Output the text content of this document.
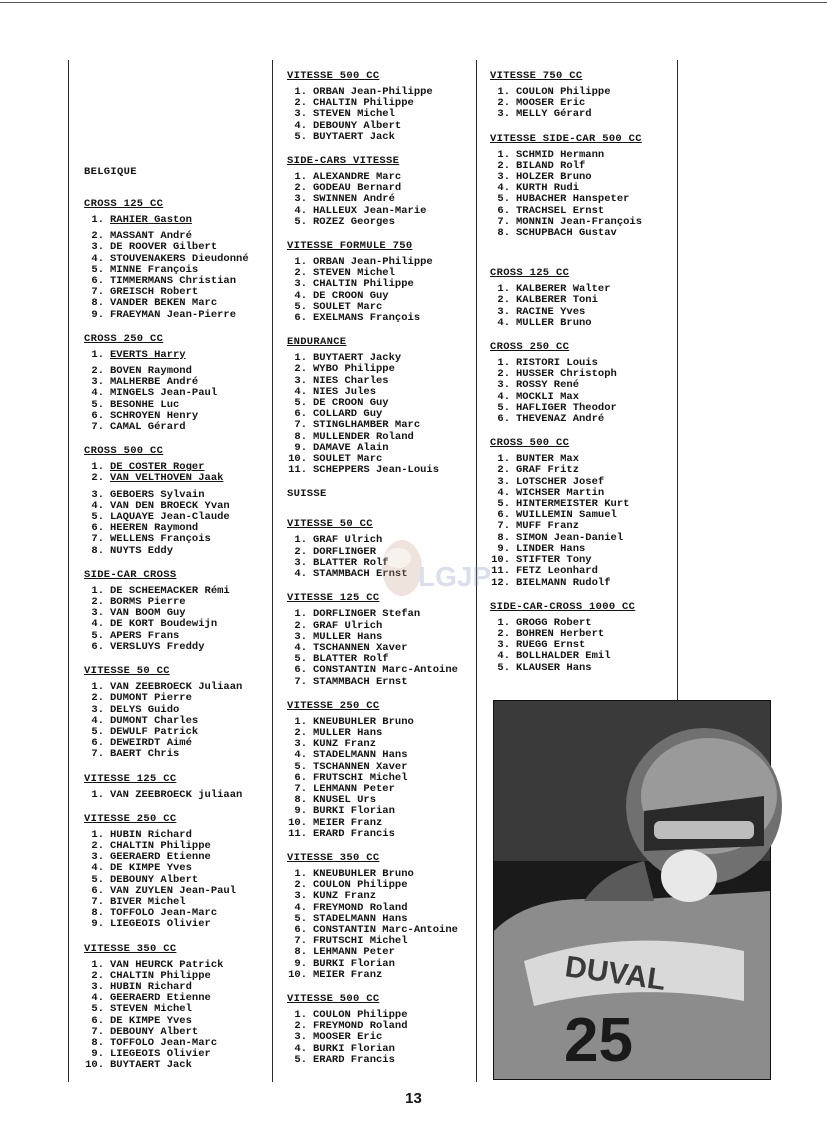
BELGIQUE
CROSS 125 CC
1. RAHIER Gaston
2. MASSANT André
3. DE ROOVER Gilbert
4. STOUVENAKERS Dieudonné
5. MINNE François
6. TIMMERMANS Christian
7. GREISCH Robert
8. VANDER BEKEN Marc
9. FRAEYMAN Jean-Pierre
CROSS 250 CC
1. EVERTS Harry
2. BOVEN Raymond
3. MALHERBE André
4. MINGELS Jean-Paul
5. BESONHE Luc
6. SCHROYEN Henry
7. CAMAL Gérard
CROSS 500 CC
1. DE COSTER Roger
2. VAN VELTHOVEN Jaak
3. GEBOERS Sylvain
4. VAN DEN BROECK Yvan
5. LAQUAYE Jean-Claude
6. HEEREN Raymond
7. WELLENS François
8. NUYTS Eddy
SIDE-CAR CROSS
1. DE SCHEEMACKER Rémi
2. BORMS Pierre
3. VAN BOOM Guy
4. DE KORT Boudewijn
5. APERS Frans
6. VERSLUYS Freddy
VITESSE 50 CC
1. VAN ZEEBROECK Juliaan
2. DUMONT Pierre
3. DELYS Guido
4. DUMONT Charles
5. DEWULF Patrick
6. DEWEIRDT Aimé
7. BAERT Chris
VITESSE 125 CC
1. VAN ZEEBROECK juliaan
VITESSE 250 CC
1. HUBIN Richard
2. CHALTIN Philippe
3. GEERAERD Etienne
4. DE KIMPE Yves
5. DEBOUNY Albert
6. VAN ZUYLEN Jean-Paul
7. BIVER Michel
8. TOFFOLO Jean-Marc
9. LIEGEOIS Olivier
VITESSE 350 CC
1. VAN HEURCK Patrick
2. CHALTIN Philippe
3. HUBIN Richard
4. GEERAERD Etienne
5. STEVEN Michel
6. DE KIMPE Yves
7. DEBOUNY Albert
8. TOFFOLO Jean-Marc
9. LIEGEOIS Olivier
10. BUYTAERT Jack
VITESSE 500 CC
1. ORBAN Jean-Philippe
2. CHALTIN Philippe
3. STEVEN Michel
4. DEBOUNY Albert
5. BUYTAERT Jack
SIDE-CARS VITESSE
1. ALEXANDRE Marc
2. GODEAU Bernard
3. SWINNEN André
4. HALLEUX Jean-Marie
5. ROZEZ Georges
VITESSE FORMULE 750
1. ORBAN Jean-Philippe
2. STEVEN Michel
3. CHALTIN Philippe
4. DE CROON Guy
5. SOULET Marc
6. EXELMANS François
ENDURANCE
1. BUYTAERT Jacky
2. WYBO Philippe
3. NIES Charles
4. NIES Jules
5. DE CROON Guy
6. COLLARD Guy
7. STINGLHAMBER Marc
8. MULLENDER Roland
9. DAMAVE Alain
10. SOULET Marc
11. SCHEPPERS Jean-Louis
SUISSE
VITESSE 50 CC
1. GRAF Ulrich
2. DORFLINGER
3. BLATTER Rolf
4. STAMMBACH Ernst
VITESSE 125 CC
1. DORFLINGER Stefan
2. GRAF Ulrich
3. MULLER Hans
4. TSCHANNEN Xaver
5. BLATTER Rolf
6. CONSTANTIN Marc-Antoine
7. STAMMBACH Ernst
VITESSE 250 CC
1. KNEUBUHLER Bruno
2. MULLER Hans
3. KUNZ Franz
4. STADELMANN Hans
5. TSCHANNEN Xaver
6. FRUTSCHI Michel
7. LEHMANN Peter
8. KNUSEL Urs
9. BURKI Florian
10. MEIER Franz
11. ERARD Francis
VITESSE 350 CC
1. KNEUBUHLER Bruno
2. COULON Philippe
3. KUNZ Franz
4. FREYMOND Roland
5. STADELMANN Hans
6. CONSTANTIN Marc-Antoine
7. FRUTSCHI Michel
8. LEHMANN Peter
9. BURKI Florian
10. MEIER Franz
VITESSE 500 CC
1. COULON Philippe
2. FREYMOND Roland
3. MOOSER Eric
4. BURKI Florian
5. ERARD Francis
VITESSE 750 CC
1. COULON Philippe
2. MOOSER Eric
3. MELLY Gérard
VITESSE SIDE-CAR 500 CC
1. SCHMID Hermann
2. BILAND Rolf
3. HOLZER Bruno
4. KURTH Rudi
5. HUBACHER Hanspeter
6. TRACHSEL Ernst
7. MONNIN Jean-François
8. SCHUPBACH Gustav
CROSS 125 CC
1. KALBERER Walter
2. KALBERER Toni
3. RACINE Yves
4. MULLER Bruno
CROSS 250 CC
1. RISTORI Louis
2. HUSSER Christoph
3. ROSSY René
4. MOCKLI Max
5. HAFLIGER Theodor
6. THEVENAZ André
CROSS 500 CC
1. BUNTER Max
2. GRAF Fritz
3. LOTSCHER Josef
4. WICHSER Martin
5. HINTERMEISTER Kurt
6. WUILLEMIN Samuel
7. MUFF Franz
8. SIMON Jean-Daniel
9. LINDER Hans
10. STIFTER Tony
11. FETZ Leonhard
12. BIELMANN Rudolf
SIDE-CAR-CROSS 1000 CC
1. GROGG Robert
2. BOHREN Herbert
3. RUEGG Ernst
4. BOLLHALDER Emil
5. KLAUSER Hans
LGJP
DUVAL
25
13
